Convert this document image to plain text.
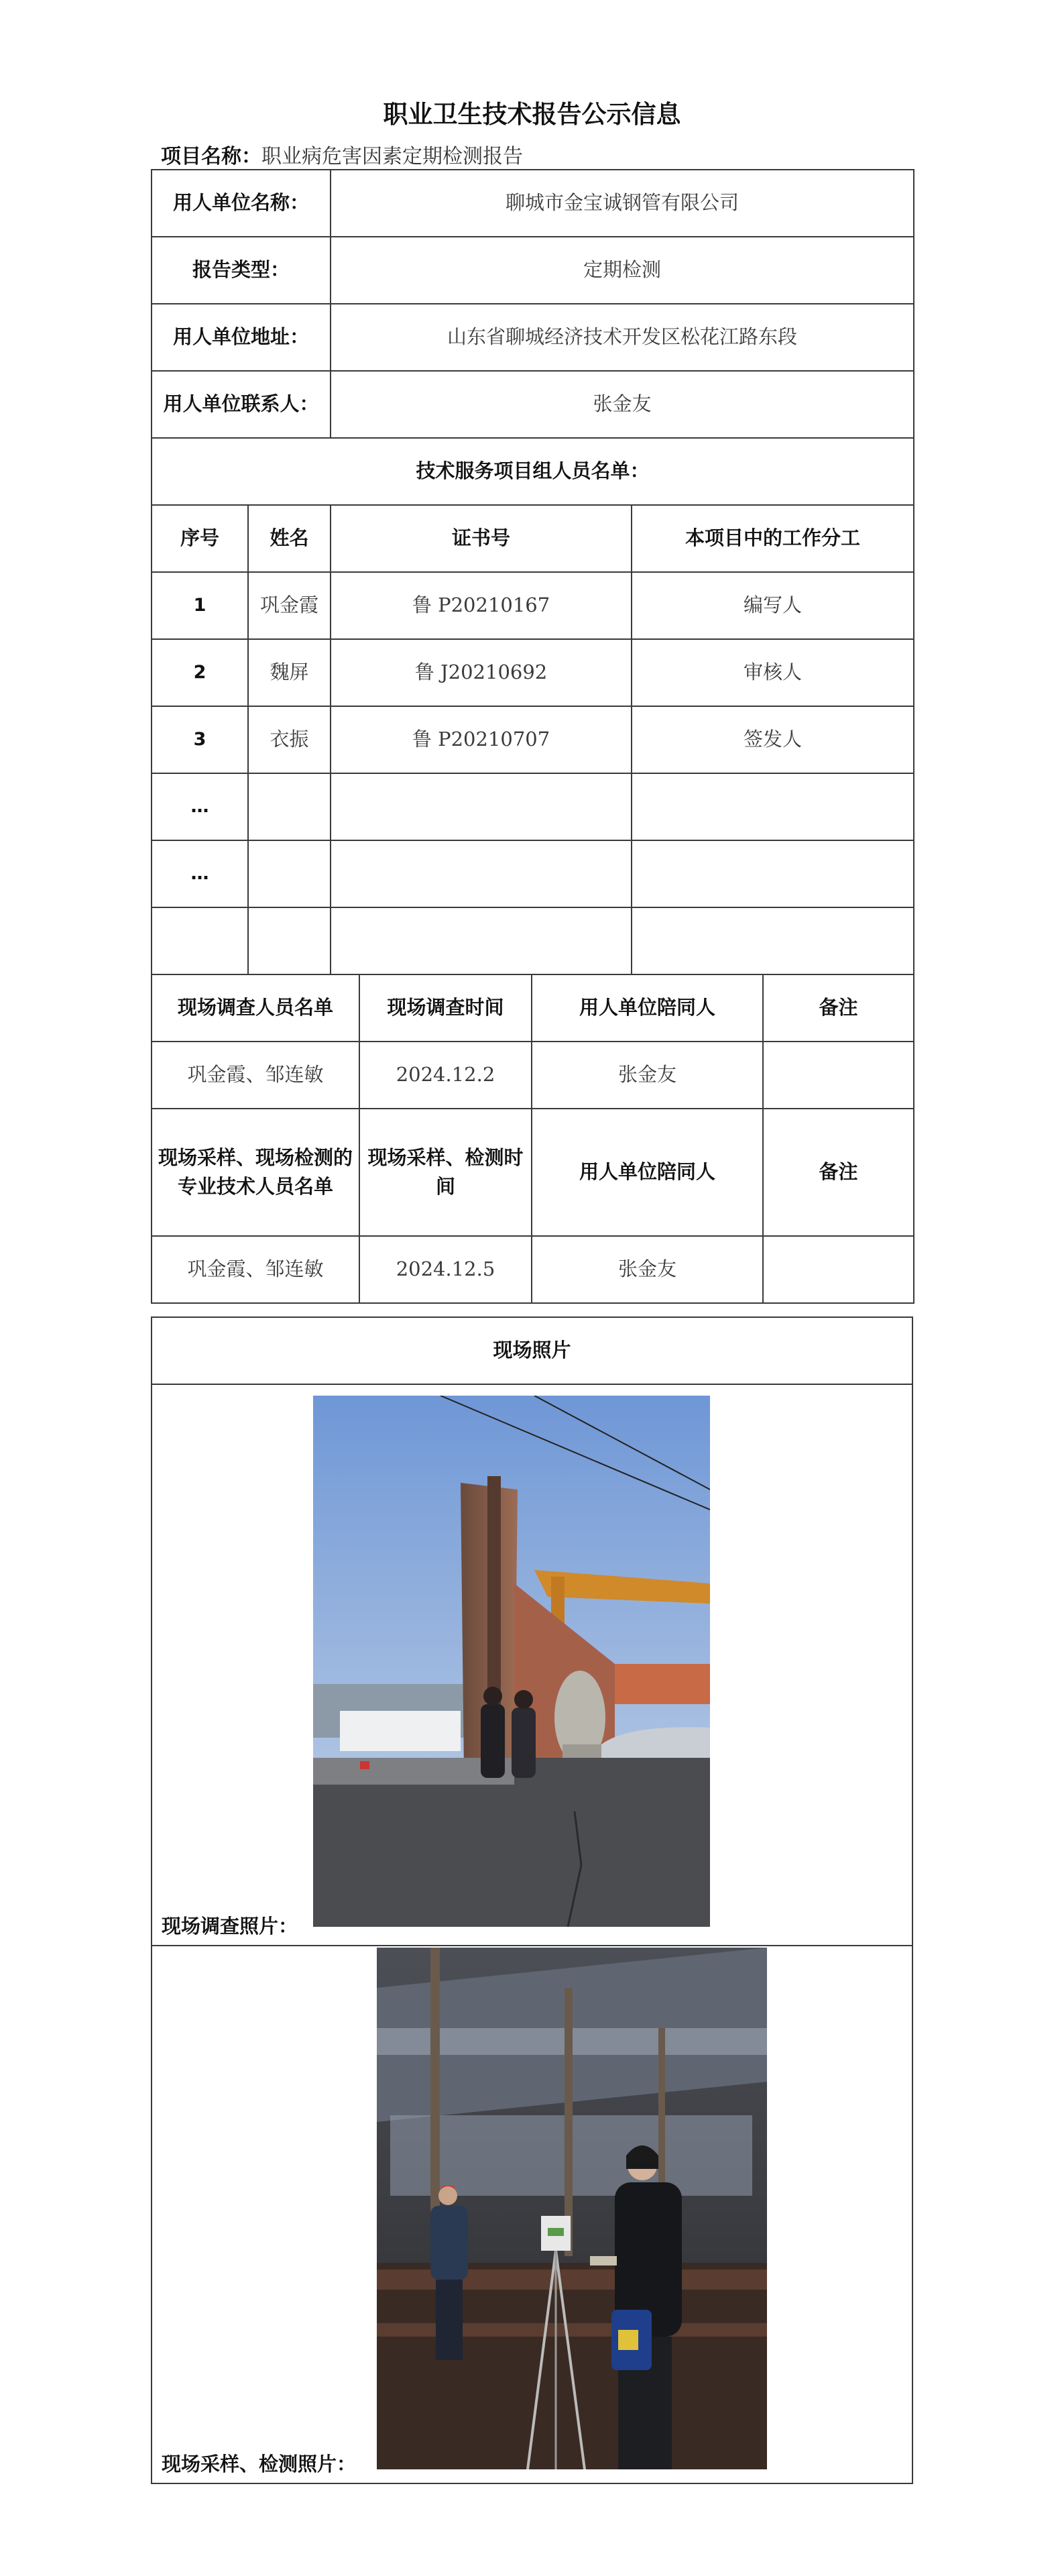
职业卫生技术报告公示信息
项目名称：职业病危害因素定期检测报告
用人单位名称：		聊城市金宝诚钢管有限公司	
报告类型：		定期检测	
用人单位地址：		山东省聊城经济技术开发区松花江路东段	
用人单位联系人：		张金友	
技术服务项目组人员名单：			
序号	姓名	证书号	本项目中的工作分工
1	巩金霞	鲁 P20210167	编写人
2	魏屏	鲁 J20210692	审核人
3	衣振	鲁 P20210707	签发人
…			
…			

现场调查人员名单	现场调查时间	用人单位陪同人	备注
巩金霞、邹连敏	2024.12.2	张金友	
现场采样、现场检测的专业技术人员名单	现场采样、检测时间	用人单位陪同人	备注
巩金霞、邹连敏	2024.12.5	张金友	
现场照片

现场调查照片：

现场采样、检测照片：
